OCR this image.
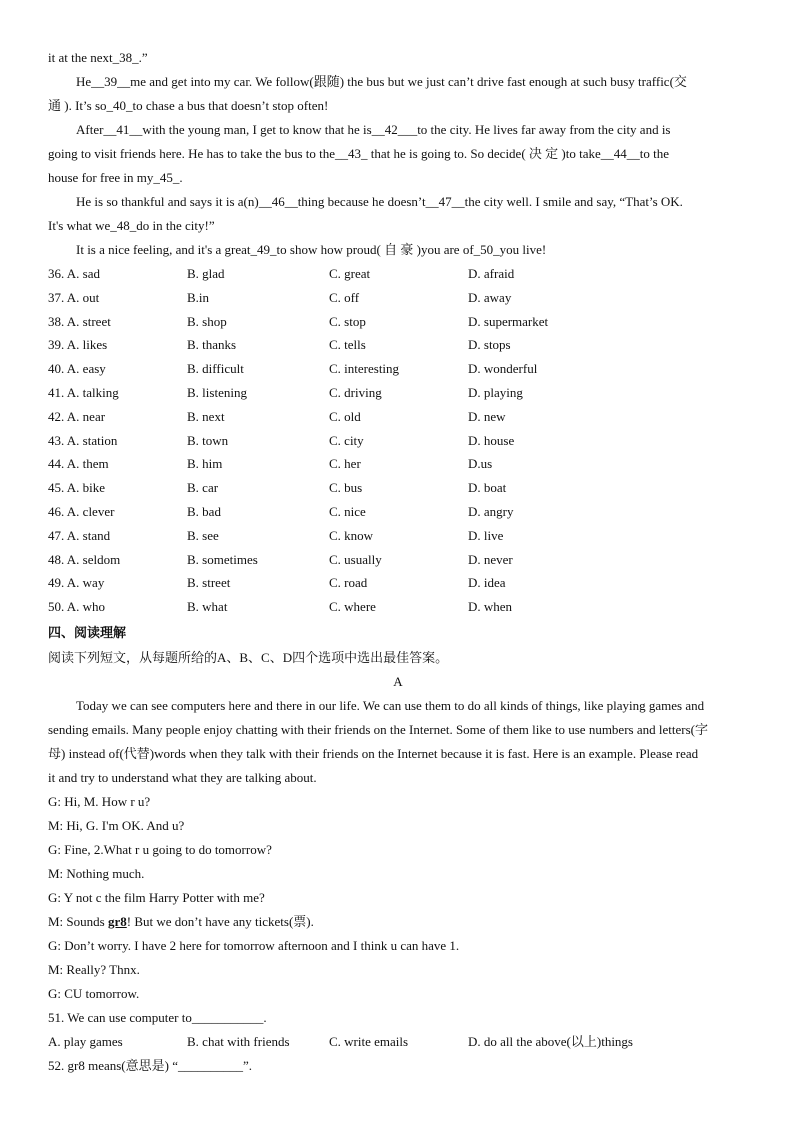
it at the next_38_.”
He__39__me and get into my car. We follow(跟随) the bus but we just can’t drive fast enough at such busy traffic(交
通 ). It’s so_40_to chase a bus that doesn’t stop often!
After__41__with the young man, I get to know that he is__42___to the city. He lives far away from the city and is
going to visit friends here. He has to take the bus to the__43_ that he is going to. So decide( 决 定 )to take__44__to the
house for free in my_45_.
He is so thankful and says it is a(n)__46__thing because he doesn’t__47__the city well. I smile and say, “That’s OK.
It's what we_48_do in the city!”
It is a nice feeling, and it's a great_49_to show how proud( 自 豪 )you are of_50_you live!
36. A. sad	B. glad	C. great	D. afraid
37. A. out	B.in	C. off	D. away
38. A. street	B. shop	C. stop	D. supermarket
39. A. likes	B. thanks	C. tells	D. stops
40. A. easy	B. difficult	C. interesting	D. wonderful
41. A. talking	B. listening	C. driving	D. playing
42. A. near	B. next	C. old	D. new
43. A. station	B. town	C. city	D. house
44. A. them	B. him	C. her	D.us
45. A. bike	B. car	C. bus	D. boat
46. A. clever	B. bad	C. nice	D. angry
47. A. stand	B. see	C. know	D. live
48. A. seldom	B. sometimes	C. usually	D. never
49. A. way	B. street	C. road	D. idea
50. A. who	B. what	C. where	D. when
四、阅读理解
阅读下列短文，从每题所给的A、B、C、D四个选项中选出最佳答案。
A
Today we can see computers here and there in our life. We can use them to do all kinds of things, like playing games and
sending emails. Many people enjoy chatting with their friends on the Internet. Some of them like to use numbers and letters(字
母) instead of(代替)words when they talk with their friends on the Internet because it is fast. Here is an example. Please read
it and try to understand what they are talking about.
G: Hi, M. How r u?
M: Hi, G. I'm OK. And u?
G: Fine, 2.What r u going to do tomorrow?
M: Nothing much.
G: Y not c the film Harry Potter with me?
M: Sounds gr8! But we don’t have any tickets(票).
G: Don’t worry. I have 2 here for tomorrow afternoon and I think u can have 1.
M: Really? Thnx.
G: CU tomorrow.
51. We can use computer to___________.
A. play games	B. chat with friends	C. write emails	D. do all the above(以上)things
52. gr8 means(意思是) “__________”.
